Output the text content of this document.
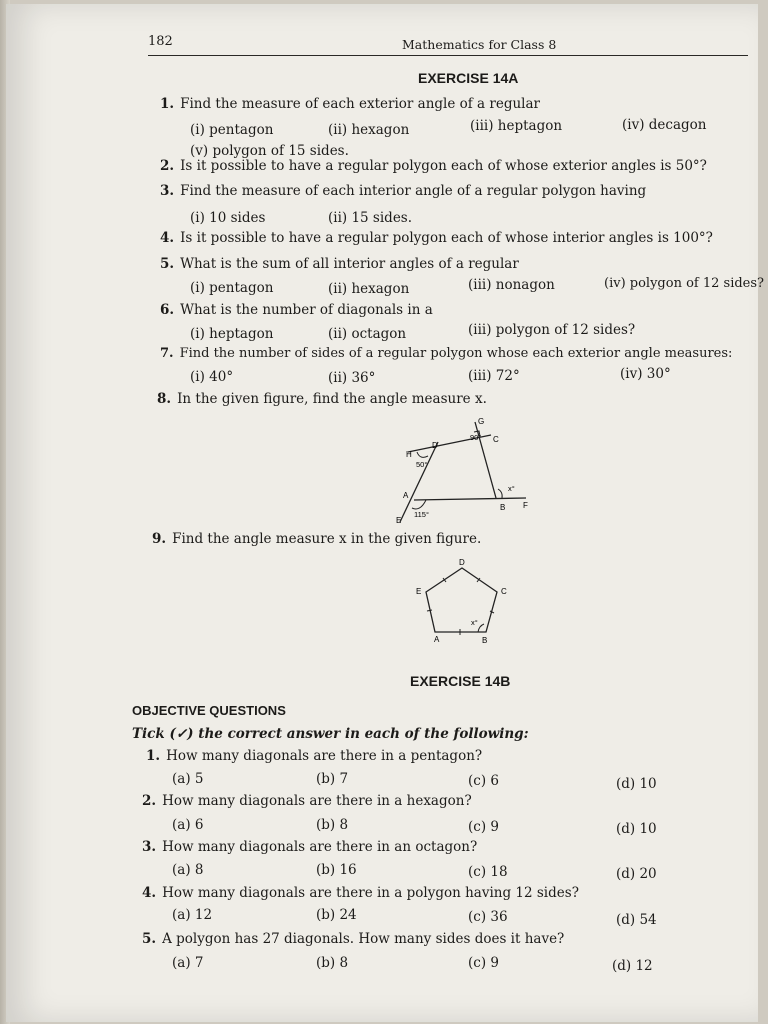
182	Mathematics for Class 8
EXERCISE 14A
1. Find the measure of each exterior angle of a regular
(i) pentagon	(ii) hexagon	(iii) heptagon	(iv) decagon
(v) polygon of 15 sides.
2. Is it possible to have a regular polygon each of whose exterior angles is 50°?
3. Find the measure of each interior angle of a regular polygon having
(i) 10 sides	(ii) 15 sides.
4. Is it possible to have a regular polygon each of whose interior angles is 100°?
5. What is the sum of all interior angles of a regular
(i) pentagon	(ii) hexagon	(iii) nonagon	(iv) polygon of 12 sides?
6. What is the number of diagonals in a
(i) heptagon	(ii) octagon	(iii) polygon of 12 sides?
7. Find the number of sides of a regular polygon whose each exterior angle measures:
(i) 40°	(ii) 36°	(iii) 72°	(iv) 30°
8. In the given figure, find the angle measure x.
G
90°
D
C
H
50°
x°
A
B F
E
115°
9. Find the angle measure x in the given figure.
D
E	C
x°
A	B
EXERCISE 14B
OBJECTIVE QUESTIONS
Tick (✓) the correct answer in each of the following:
1. How many diagonals are there in a pentagon?
(a) 5	(b) 7	(c) 6	(d) 10
2. How many diagonals are there in a hexagon?
(a) 6	(b) 8	(c) 9	(d) 10
3. How many diagonals are there in an octagon?
(a) 8	(b) 16	(c) 18	(d) 20
4. How many diagonals are there in a polygon having 12 sides?
(a) 12	(b) 24	(c) 36	(d) 54
5. A polygon has 27 diagonals. How many sides does it have?
(a) 7	(b) 8	(c) 9	(d) 12
